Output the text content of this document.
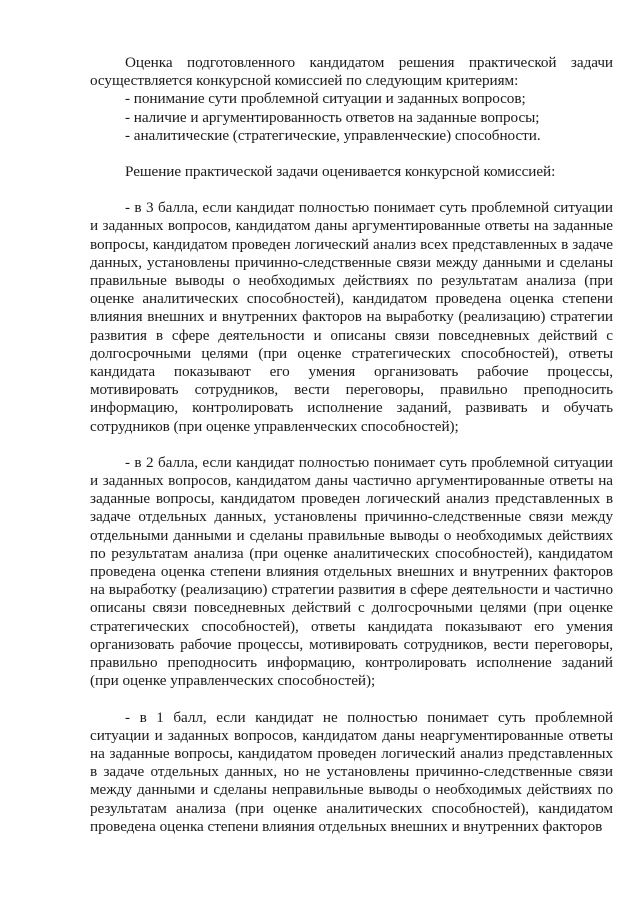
Оценка подготовленного кандидатом решения практической задачи осуществляется конкурсной комиссией по следующим критериям:

- понимание сути проблемной ситуации и заданных вопросов;

- наличие и аргументированность ответов на заданные вопросы;

- аналитические (стратегические, управленческие) способности.

Решение практической задачи оценивается конкурсной комиссией:

- в 3 балла, если кандидат полностью понимает суть проблемной ситуации и заданных вопросов, кандидатом даны аргументированные ответы на заданные вопросы, кандидатом проведен логический анализ всех представленных в задаче данных, установлены причинно-следственные связи между данными и сделаны правильные выводы о необходимых действиях по результатам анализа (при оценке аналитических способностей), кандидатом проведена оценка степени влияния внешних и внутренних факторов на выработку (реализацию) стратегии развития в сфере деятельности и описаны связи повседневных действий с долгосрочными целями (при оценке стратегических способностей), ответы кандидата показывают его умения организовать рабочие процессы, мотивировать сотрудников, вести переговоры, правильно преподносить информацию, контролировать исполнение заданий, развивать и обучать сотрудников (при оценке управленческих способностей);

- в 2 балла, если кандидат полностью понимает суть проблемной ситуации и заданных вопросов, кандидатом даны частично аргументированные ответы на заданные вопросы, кандидатом проведен логический анализ представленных в задаче отдельных данных, установлены причинно-следственные связи между отдельными данными и сделаны правильные выводы о необходимых действиях по результатам анализа (при оценке аналитических способностей), кандидатом проведена оценка степени влияния отдельных внешних и внутренних факторов на выработку (реализацию) стратегии развития в сфере деятельности и частично описаны связи повседневных действий с долгосрочными целями (при оценке стратегических способностей), ответы кандидата показывают его умения организовать рабочие процессы, мотивировать сотрудников, вести переговоры, правильно преподносить информацию, контролировать исполнение заданий (при оценке управленческих способностей);

- в 1 балл, если кандидат не полностью понимает суть проблемной ситуации и заданных вопросов, кандидатом даны неаргументированные ответы на заданные вопросы, кандидатом проведен логический анализ представленных в задаче отдельных данных, но не установлены причинно-следственные связи между данными и сделаны неправильные выводы о необходимых действиях по результатам анализа (при оценке аналитических способностей), кандидатом проведена оценка степени влияния отдельных внешних и внутренних факторов
